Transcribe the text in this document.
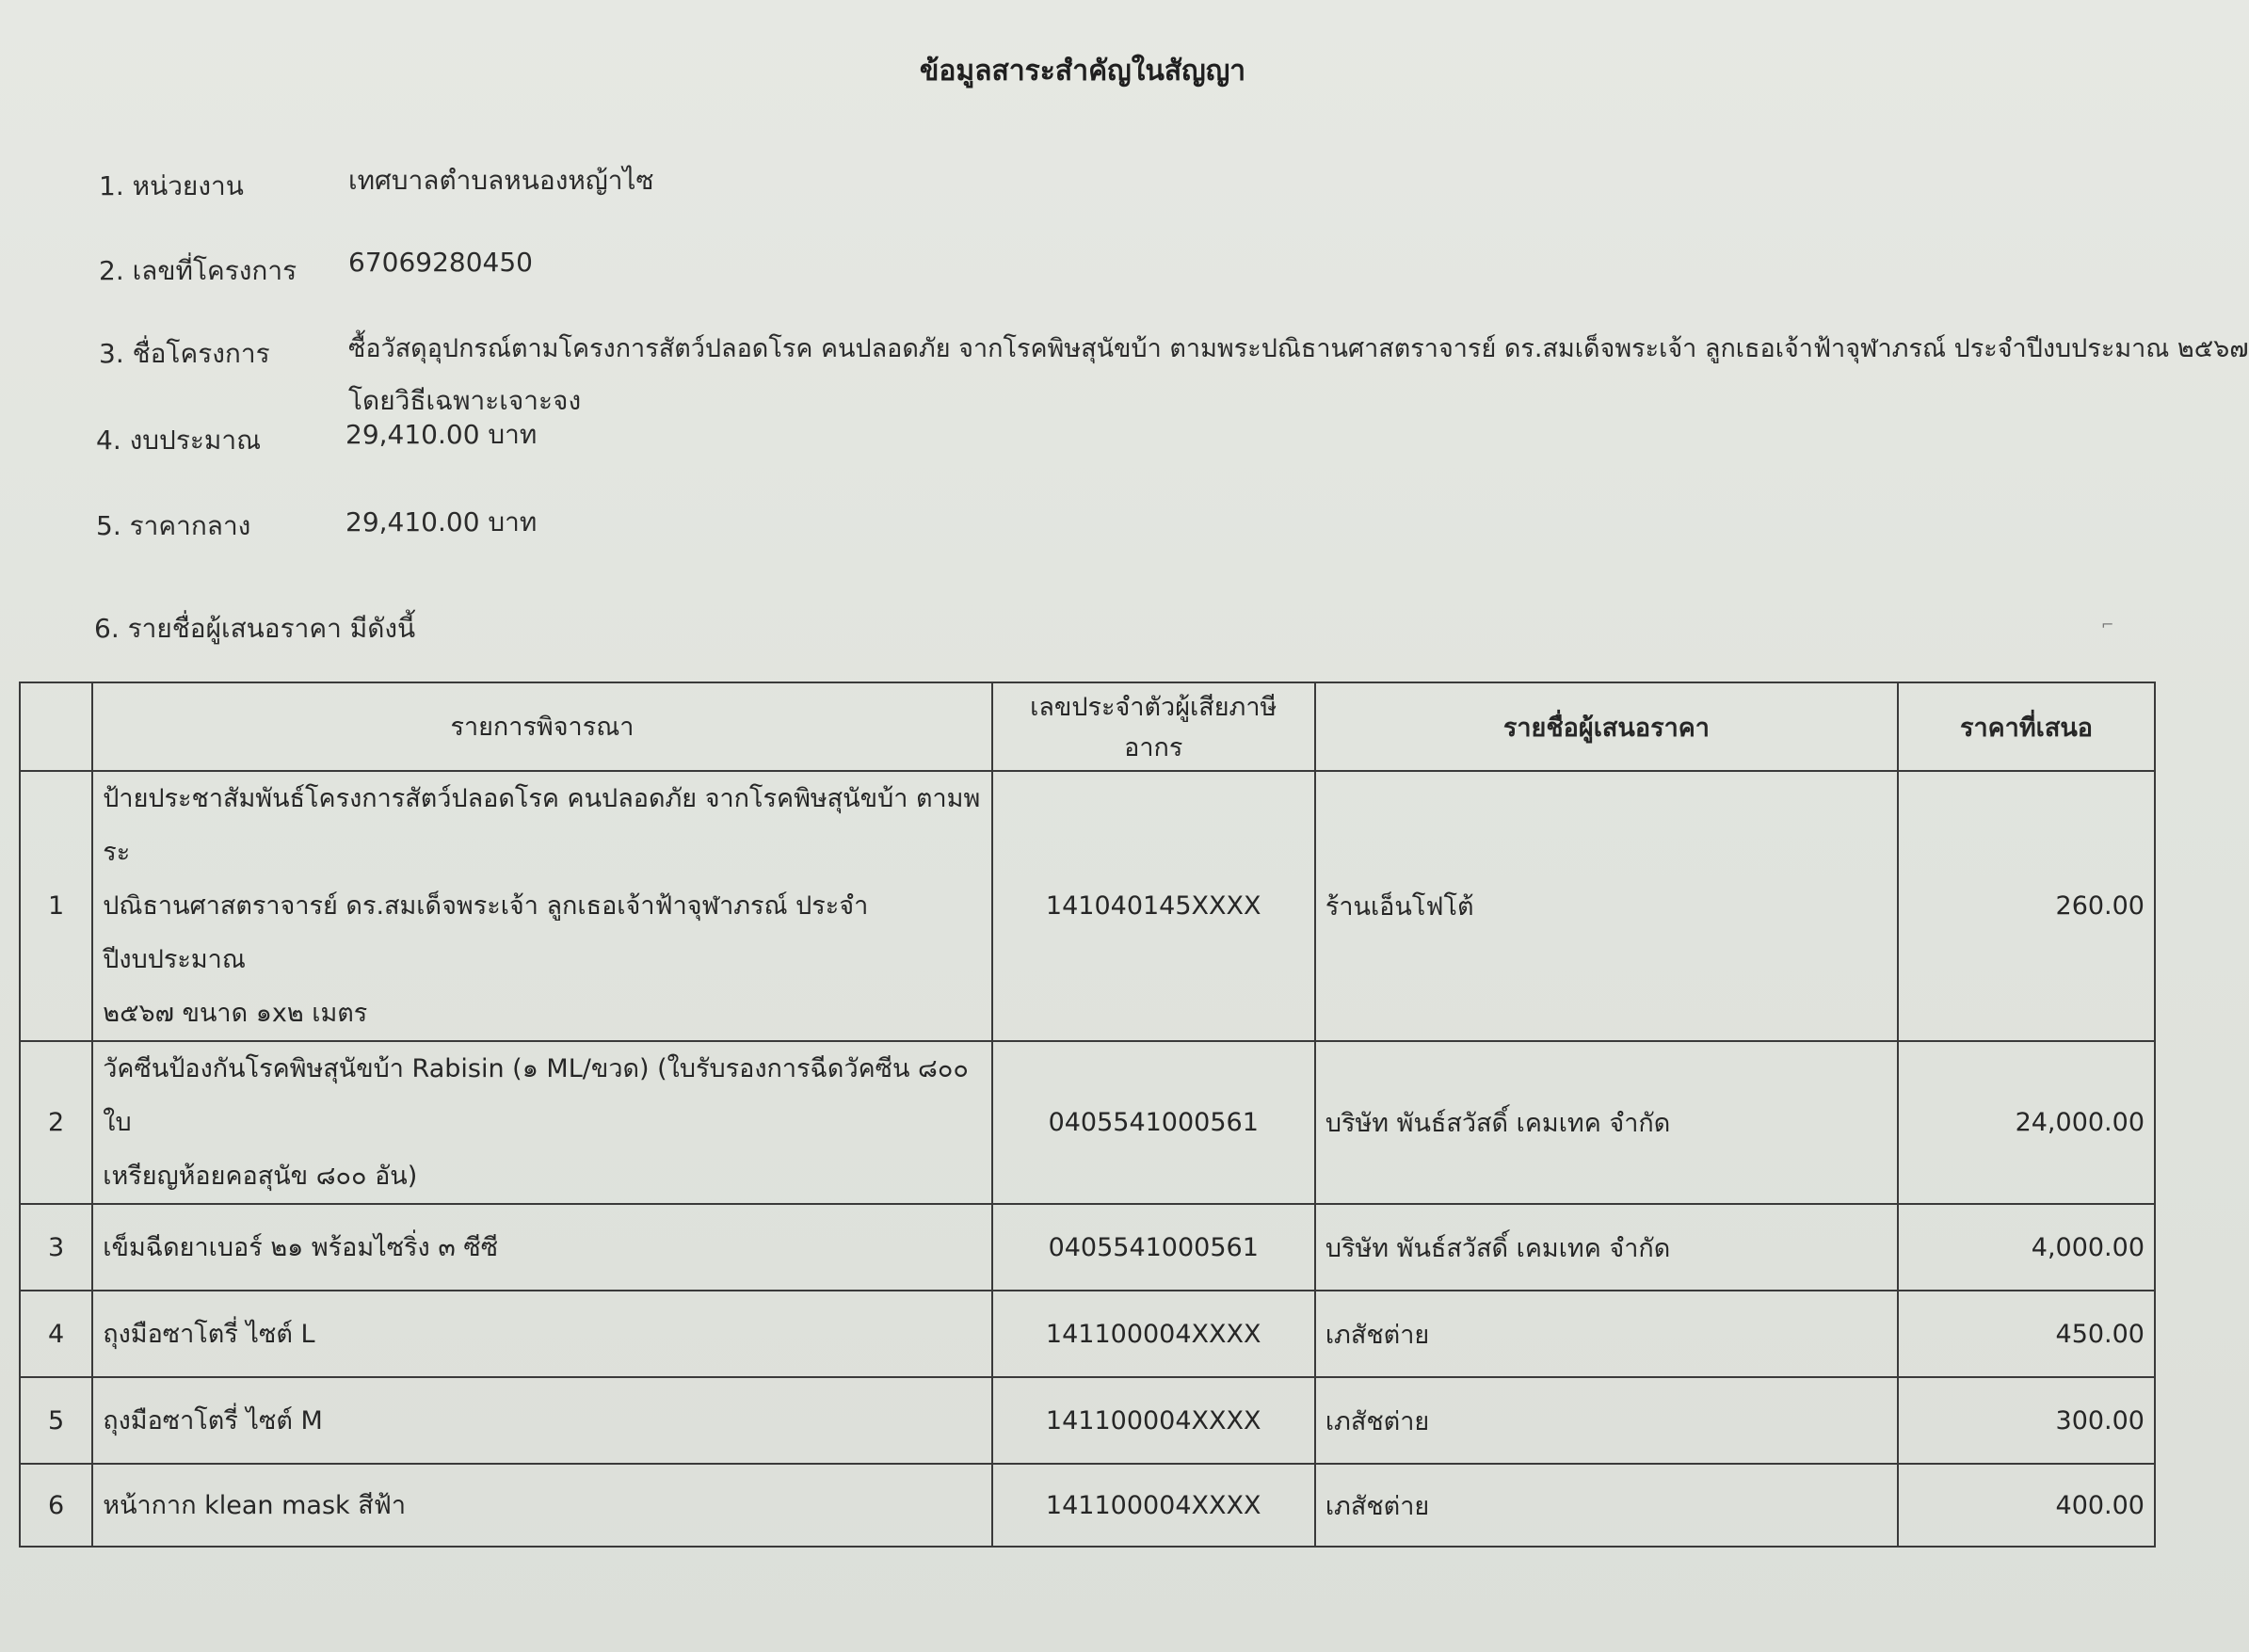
ข้อมูลสาระสำคัญในสัญญา
1. หน่วยงาน	เทศบาลตำบลหนองหญ้าไซ
2. เลขที่โครงการ 67069280450
3. ชื่อโครงการ	ซื้อวัสดุอุปกรณ์ตามโครงการสัตว์ปลอดโรค คนปลอดภัย จากโรคพิษสุนัขบ้า ตามพระปณิธานศาสตราจารย์ ดร.สมเด็จพระเจ้า ลูกเธอเจ้าฟ้าจุฬาภรณ์ ประจำปีงบประมาณ ๒๕๖๗
โดยวิธีเฉพาะเจาะจง
4. งบประมาณ	29,410.00 บาท
5. ราคากลาง	29,410.00 บาท
6. รายชื่อผู้เสนอราคา มีดังนี้	⌐
	รายการพิจารณา	เลขประจำตัวผู้เสียภาษีอากร	รายชื่อผู้เสนอราคา	ราคาที่เสนอ
1	ป้ายประชาสัมพันธ์โครงการสัตว์ปลอดโรค คนปลอดภัย จากโรคพิษสุนัขบ้า ตามพระ
ปณิธานศาสตราจารย์ ดร.สมเด็จพระเจ้า ลูกเธอเจ้าฟ้าจุฬาภรณ์ ประจำปีงบประมาณ
๒๕๖๗ ขนาด ๑x๒ เมตร	141040145XXXX	ร้านเอ็นโฟโต้	260.00
2	วัคซีนป้องกันโรคพิษสุนัขบ้า Rabisin (๑ ML/ขวด) (ใบรับรองการฉีดวัคซีน ๘๐๐ ใบ
เหรียญห้อยคอสุนัข ๘๐๐ อัน)	0405541000561	บริษัท พันธ์สวัสดิ์ เคมเทค จำกัด	24,000.00
3	เข็มฉีดยาเบอร์ ๒๑ พร้อมไซริ่ง ๓ ซีซี	0405541000561	บริษัท พันธ์สวัสดิ์ เคมเทค จำกัด	4,000.00
4	ถุงมือซาโตรี่ ไซต์ L	141100004XXXX	เภสัชต่าย	450.00
5	ถุงมือซาโตรี่ ไซต์ M	141100004XXXX	เภสัชต่าย	300.00
6	หน้ากาก klean mask สีฟ้า	141100004XXXX	เภสัชต่าย	400.00
